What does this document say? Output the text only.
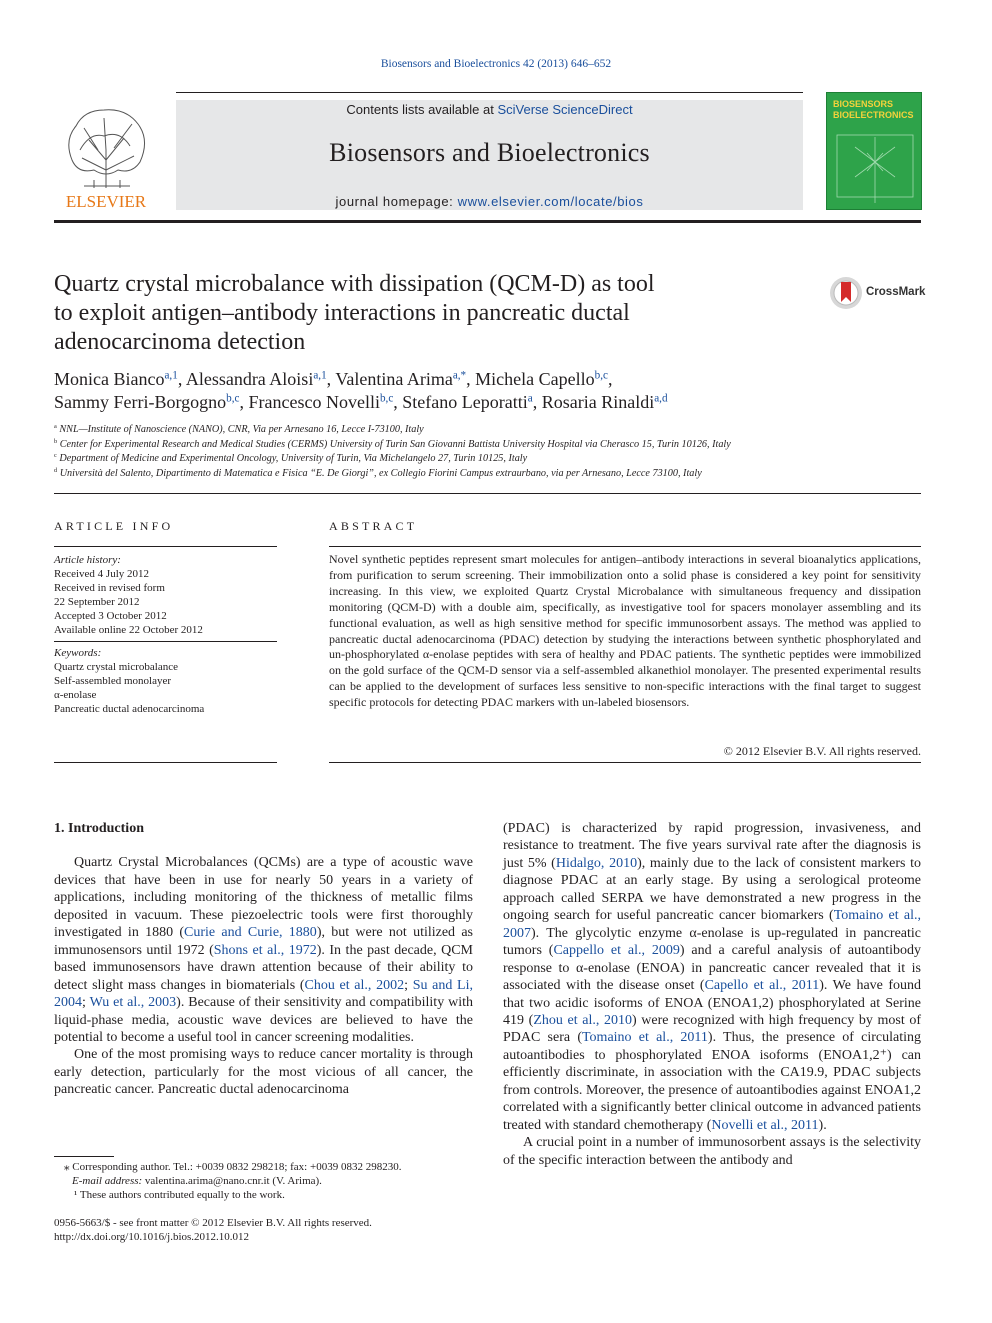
Biosensors and Bioelectronics 42 (2013) 646–652
ELSEVIER
Contents lists available at SciVerse ScienceDirect
Biosensors and Bioelectronics
journal homepage: www.elsevier.com/locate/bios
BIOSENSORS
BIOELECTRONICS
Quartz crystal microbalance with dissipation (QCM-D) as tool
to exploit antigen–antibody interactions in pancreatic ductal
adenocarcinoma detection
CrossMark
Monica Bianco$^{a,1}$, Alessandra Aloisi$^{a,1}$, Valentina Arima$^{a,*}$, Michela Capello$^{b,c}$,
Sammy Ferri-Borgogno$^{b,c}$, Francesco Novelli$^{b,c}$, Stefano Leporatti$^a$, Rosaria Rinaldi$^{a,d}$
$^a$ NNL—Institute of Nanoscience (NANO), CNR, Via per Arnesano 16, Lecce I-73100, Italy
$^b$ Center for Experimental Research and Medical Studies (CERMS) University of Turin San Giovanni Battista University Hospital via Cherasco 15, Turin 10126, Italy
$^c$ Department of Medicine and Experimental Oncology, University of Turin, Via Michelangelo 27, Turin 10125, Italy
$^d$ Università del Salento, Dipartimento di Matematica e Fisica “E. De Giorgi”, ex Collegio Fiorini Campus extraurbano, via per Arnesano, Lecce 73100, Italy
ARTICLE INFO
Article history:
Received 4 July 2012
Received in revised form
22 September 2012
Accepted 3 October 2012
Available online 22 October 2012
Keywords:
Quartz crystal microbalance
Self-assembled monolayer
α-enolase
Pancreatic ductal adenocarcinoma
ABSTRACT
Novel synthetic peptides represent smart molecules for antigen–antibody interactions in several bioanalytics applications, from purification to serum screening. Their immobilization onto a solid phase is considered a key point for sensitivity increasing. In this view, we exploited Quartz Crystal Microbalance with simultaneous frequency and dissipation monitoring (QCM-D) with a double aim, specifically, as investigative tool for spacers monolayer assembling and its functional evaluation, as well as high sensitive method for specific immunosorbent assays. The method was applied to pancreatic ductal adenocarcinoma (PDAC) detection by studying the interactions between synthetic phosphorylated and un-phosphorylated α-enolase peptides with sera of healthy and PDAC patients. The synthetic peptides were immobilized on the gold surface of the QCM-D sensor via a self-assembled alkanethiol monolayer. The presented experimental results can be applied to the development of surfaces less sensitive to non-specific interactions with the final target to suggest specific protocols for detecting PDAC markers with un-labeled biosensors.
© 2012 Elsevier B.V. All rights reserved.
1. Introduction

Quartz Crystal Microbalances (QCMs) are a type of acoustic wave devices that have been in use for nearly 50 years in a variety of applications, including monitoring of the thickness of metallic films deposited in vacuum. These piezoelectric tools were first thoroughly investigated in 1880 (Curie and Curie, 1880), but were not utilized as immunosensors until 1972 (Shons et al., 1972). In the past decade, QCM based immunosensors have drawn attention because of their ability to detect slight mass changes in biomaterials (Chou et al., 2002; Su and Li, 2004; Wu et al., 2003). Because of their sensitivity and compatibility with liquid-phase media, acoustic wave devices are believed to have the potential to become a useful tool in cancer screening modalities.

One of the most promising ways to reduce cancer mortality is through early detection, particularly for the most vicious of all cancer, the pancreatic cancer. Pancreatic ductal adenocarcinoma

(PDAC) is characterized by rapid progression, invasiveness, and resistance to treatment. The five years survival rate after the diagnosis is just 5% (Hidalgo, 2010), mainly due to the lack of consistent markers to diagnose PDAC at an early stage. By using a serological proteome approach called SERPA we have demonstrated a new progress in the ongoing search for useful pancreatic cancer biomarkers (Tomaino et al., 2007). The glycolytic enzyme α-enolase is up-regulated in pancreatic tumors (Cappello et al., 2009) and a careful analysis of autoantibody response to α-enolase (ENOA) in pancreatic cancer revealed that it is associated with the disease onset (Capello et al., 2011). We have found that two acidic isoforms of ENOA (ENOA1,2) phosphorylated at Serine 419 (Zhou et al., 2010) were recognized with high frequency by most of PDAC sera (Tomaino et al., 2011). Thus, the presence of circulating autoantibodies to phosphorylated ENOA isoforms (ENOA1,2⁺) can efficiently discriminate, in association with the CA19.9, PDAC subjects from controls. Moreover, the presence of autoantibodies against ENOA1,2 correlated with a significantly better clinical outcome in advanced patients treated with standard chemotherapy (Novelli et al., 2011).

A crucial point in a number of immunosorbent assays is the selectivity of the specific interaction between the antibody and

⁎ Corresponding author. Tel.: +0039 0832 298218; fax: +0039 0832 298230.
E-mail address: valentina.arima@nano.cnr.it (V. Arima).
¹ These authors contributed equally to the work.
0956-5663/$ - see front matter © 2012 Elsevier B.V. All rights reserved.
http://dx.doi.org/10.1016/j.bios.2012.10.012
